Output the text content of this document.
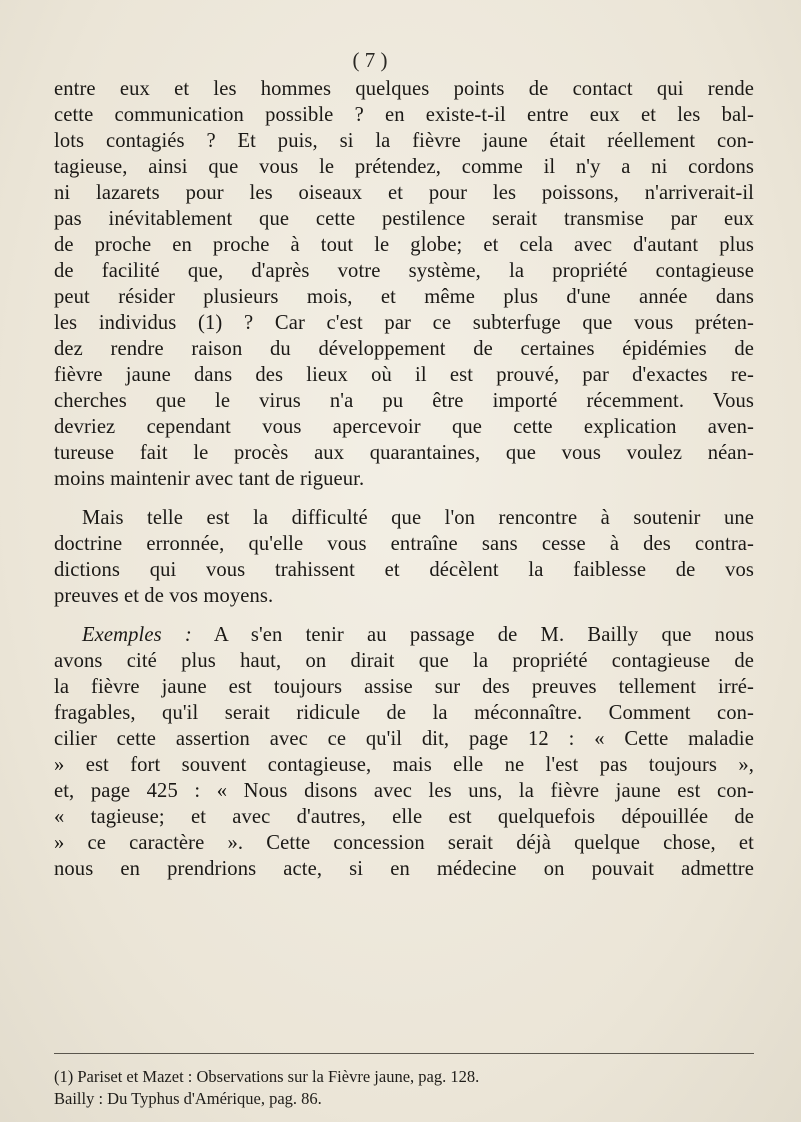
( 7 )
entre eux et les hommes quelques points de contact qui rende
cette communication possible ? en existe-t-il entre eux et les bal-
lots contagiés ? Et puis, si la fièvre jaune était réellement con-
tagieuse, ainsi que vous le prétendez, comme il n'y a ni cordons
ni lazarets pour les oiseaux et pour les poissons, n'arriverait-il
pas inévitablement que cette pestilence serait transmise par eux
de proche en proche à tout le globe; et cela avec d'autant plus
de facilité que, d'après votre système, la propriété contagieuse
peut résider plusieurs mois, et même plus d'une année dans
les individus (1) ? Car c'est par ce subterfuge que vous préten-
dez rendre raison du développement de certaines épidémies de
fièvre jaune dans des lieux où il est prouvé, par d'exactes re-
cherches que le virus n'a pu être importé récemment. Vous
devriez cependant vous apercevoir que cette explication aven-
tureuse fait le procès aux quarantaines, que vous voulez néan-
moins maintenir avec tant de rigueur.
Mais telle est la difficulté que l'on rencontre à soutenir une
doctrine erronnée, qu'elle vous entraîne sans cesse à des contra-
dictions qui vous trahissent et décèlent la faiblesse de vos
preuves et de vos moyens.
Exemples : A s'en tenir au passage de M. Bailly que nous
avons cité plus haut, on dirait que la propriété contagieuse de
la fièvre jaune est toujours assise sur des preuves tellement irré-
fragables, qu'il serait ridicule de la méconnaître. Comment con-
cilier cette assertion avec ce qu'il dit, page 12 : « Cette maladie
» est fort souvent contagieuse, mais elle ne l'est pas toujours »,
et, page 425 : « Nous disons avec les uns, la fièvre jaune est con-
« tagieuse; et avec d'autres, elle est quelquefois dépouillée de
» ce caractère ». Cette concession serait déjà quelque chose, et
nous en prendrions acte, si en médecine on pouvait admettre
(1) Pariset et Mazet : Observations sur la Fièvre jaune, pag. 128.
Bailly : Du Typhus d'Amérique, pag. 86.
